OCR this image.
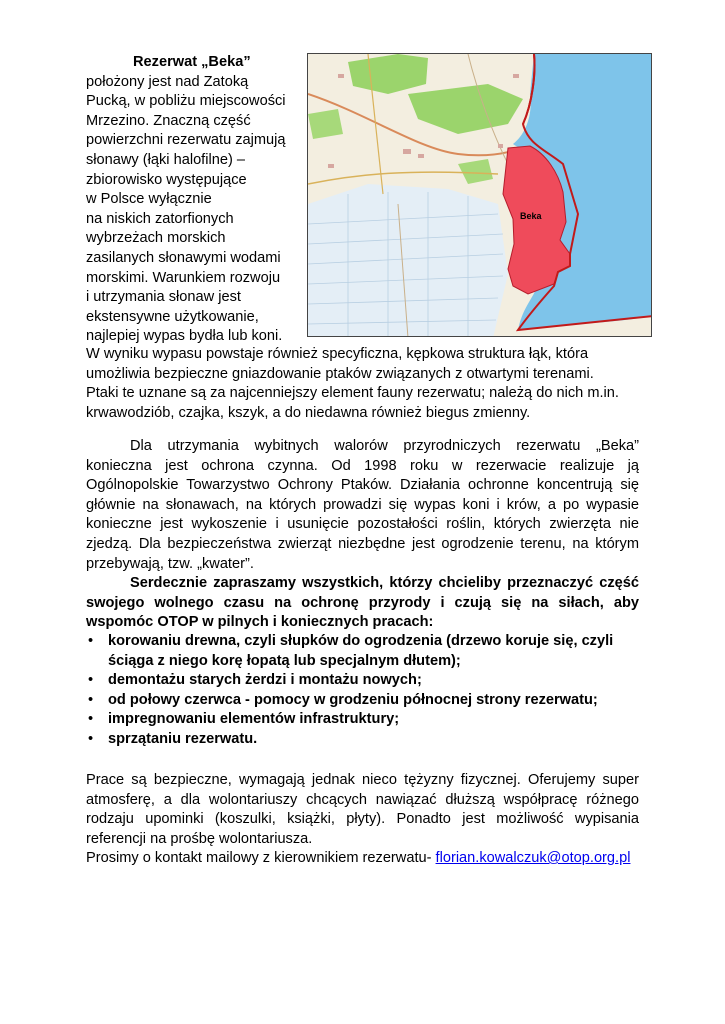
Rezerwat „Beka”
położony jest nad Zatoką
Pucką, w pobliżu miejscowości
Mrzezino. Znaczną część
powierzchni rezerwatu zajmują
słonawy (łąki halofilne) –
zbiorowisko występujące
w Polsce wyłącznie
na niskich zatorfionych
wybrzeżach morskich
zasilanych słonawymi wodami
morskimi. Warunkiem rozwoju
i utrzymania słonaw jest
ekstensywne użytkowanie,
najlepiej wypas bydła lub koni.
Beka
W wyniku wypasu powstaje również specyficzna, kępkowa struktura łąk, która umożliwia bezpieczne gniazdowanie ptaków związanych z otwartymi terenami.
Ptaki te uznane są za najcenniejszy element fauny rezerwatu; należą do nich m.in. krwawodziób, czajka, kszyk, a do niedawna również biegus zmienny.
Dla utrzymania wybitnych walorów przyrodniczych rezerwatu „Beka” konieczna jest ochrona czynna. Od 1998 roku w rezerwacie realizuje ją Ogólnopolskie Towarzystwo Ochrony Ptaków. Działania ochronne koncentrują się głównie na słonawach, na których prowadzi się wypas koni i krów, a po wypasie konieczne jest wykoszenie i usunięcie pozostałości roślin, których zwierzęta nie zjedzą. Dla bezpieczeństwa zwierząt niezbędne jest ogrodzenie terenu, na którym przebywają, tzw. „kwater”.
Serdecznie zapraszamy wszystkich, którzy chcieliby przeznaczyć część swojego wolnego czasu na ochronę przyrody i czują się na siłach, aby wspomóc OTOP w pilnych i koniecznych pracach:
• korowaniu drewna, czyli słupków do ogrodzenia (drzewo koruje się, czyli ściąga z niego korę łopatą lub specjalnym dłutem);
• demontażu starych żerdzi i montażu nowych;
• od połowy czerwca - pomocy w grodzeniu północnej strony rezerwatu;
• impregnowaniu elementów infrastruktury;
• sprzątaniu rezerwatu.
Prace są bezpieczne, wymagają jednak nieco tężyzny fizycznej. Oferujemy super atmosferę, a dla wolontariuszy chcących nawiązać dłuższą współpracę różnego rodzaju upominki (koszulki, książki, płyty). Ponadto jest możliwość wypisania referencji na prośbę wolontariusza.
Prosimy o kontakt mailowy z kierownikiem rezerwatu- florian.kowalczuk@otop.org.pl
